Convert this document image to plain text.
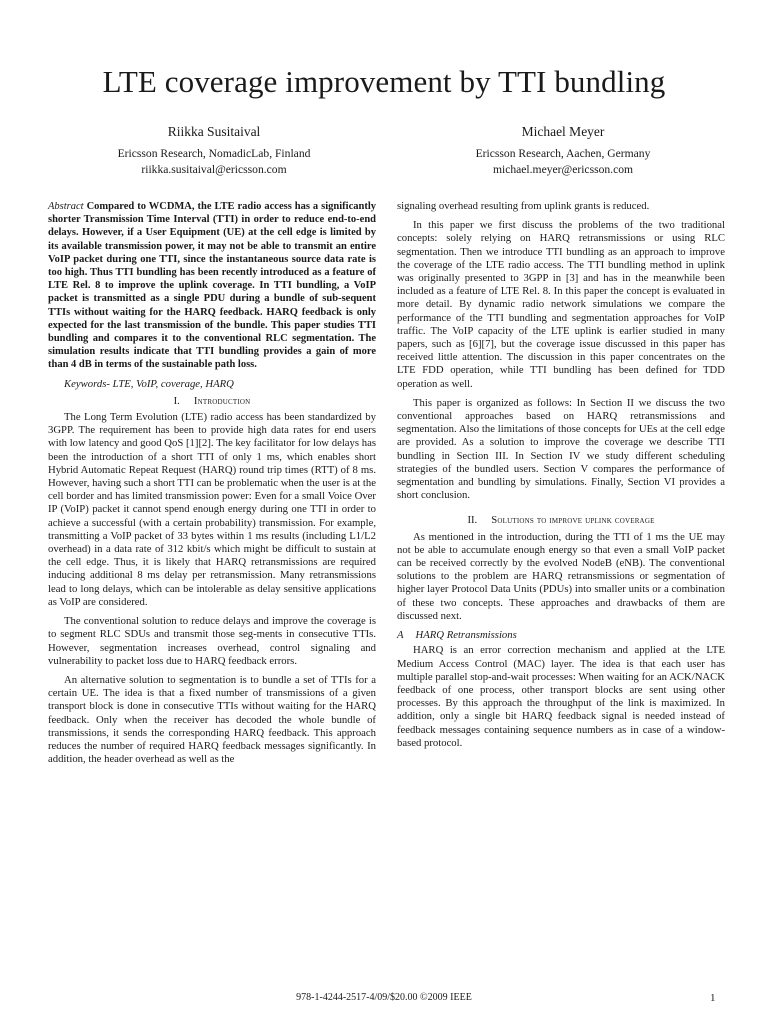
LTE coverage improvement by TTI bundling
Riikka Susitaival
Ericsson Research, NomadicLab, Finland
riikka.susitaival@ericsson.com
Michael Meyer
Ericsson Research, Aachen, Germany
michael.meyer@ericsson.com

Abstract Compared to WCDMA, the LTE radio access has a significantly shorter Transmission Time Interval (TTI) in order to reduce end-to-end delays. However, if a User Equipment (UE) at the cell edge is limited by its available transmission power, it may not be able to transmit an entire VoIP packet during one TTI, since the instantaneous source data rate is too high. Thus TTI bundling has been recently introduced as a feature of LTE Rel. 8 to improve the uplink coverage. In TTI bundling, a VoIP packet is transmitted as a single PDU during a bundle of sub-sequent TTIs without waiting for the HARQ feedback. HARQ feedback is only expected for the last transmission of the bundle. This paper studies TTI bundling and compares it to the conventional RLC segmentation. The simulation results indicate that TTI bundling provides a gain of more than 4 dB in terms of the sustainable path loss.

Keywords- LTE, VoIP, coverage, HARQ

I. Introduction

The Long Term Evolution (LTE) radio access has been standardized by 3GPP. The requirement has been to provide high data rates for end users with low latency and good QoS [1][2]. The key facilitator for low delays has been the introduction of a short TTI of only 1 ms, which enables short Hybrid Automatic Repeat Request (HARQ) round trip times (RTT) of 8 ms. However, having such a short TTI can be problematic when the user is at the cell border and has limited transmission power: Even for a small Voice Over IP (VoIP) packet it cannot spend enough energy during one TTI in order to achieve a successful (with a certain probability) transmission. For example, transmitting a VoIP packet of 33 bytes within 1 ms results (including L1/L2 overhead) in a data rate of 312 kbit/s which might be difficult to sustain at the cell edge. Thus, it is likely that HARQ retransmissions are required inducing additional 8 ms delay per retransmission. Many retransmissions lead to long delays, which can be intolerable as delay sensitive applications as VoIP are considered.

The conventional solution to reduce delays and improve the coverage is to segment RLC SDUs and transmit those seg-ments in consecutive TTIs. However, segmentation increases overhead, control signaling and vulnerability to packet loss due to HARQ feedback errors.

An alternative solution to segmentation is to bundle a set of TTIs for a certain UE. The idea is that a fixed number of transmissions of a given transport block is done in consecutive TTIs without waiting for the HARQ feedback. Only when the receiver has decoded the whole bundle of transmissions, it sends the corresponding HARQ feedback. This approach reduces the number of required HARQ feedback messages significantly. In addition, the header overhead as well as the

signaling overhead resulting from uplink grants is reduced.

In this paper we first discuss the problems of the two traditional concepts: solely relying on HARQ retransmissions or using RLC segmentation. Then we introduce TTI bundling as an approach to improve the coverage of the LTE radio access. The TTI bundling method in uplink was originally presented to 3GPP in [3] and has in the meanwhile been included as a feature of LTE Rel. 8. In this paper the concept is evaluated in more detail. By dynamic radio network simulations we compare the performance of the TTI bundling and segmentation approaches for VoIP traffic. The VoIP capacity of the LTE uplink is earlier studied in many papers, such as [6][7], but the coverage issue discussed in this paper has received little attention. The discussion in this paper concentrates on the LTE FDD operation, while TTI bundling has been defined for TDD operation as well.

This paper is organized as follows: In Section II we discuss the two conventional approaches based on HARQ retransmissions and segmentation. Also the limitations of those concepts for UEs at the cell edge are provided. As a solution to improve the coverage we describe TTI bundling in Section III. In Section IV we study different scheduling strategies of the bundled users. Section V compares the performance of segmentation and bundling by simulations. Finally, Section VI provides a short conclusion.

II. Solutions to improve uplink coverage

As mentioned in the introduction, during the TTI of 1 ms the UE may not be able to accumulate enough energy so that even a small VoIP packet can be received correctly by the evolved NodeB (eNB). The conventional solutions to the problem are HARQ retransmissions or segmentation of higher layer Protocol Data Units (PDUs) into smaller units or a combination of these two concepts. These approaches and drawbacks of them are discussed next.

A HARQ Retransmissions

HARQ is an error correction mechanism and applied at the LTE Medium Access Control (MAC) layer. The idea is that each user has multiple parallel stop-and-wait processes: When waiting for an ACK/NACK feedback of one process, other transport blocks are sent using other processes. By this approach the throughput of the link is maximized. In addition, only a single bit HARQ feedback signal is needed instead of feedback messages containing sequence numbers as in case of a window-based protocol.

978-1-4244-2517-4/09/$20.00 ©2009 IEEE	1
